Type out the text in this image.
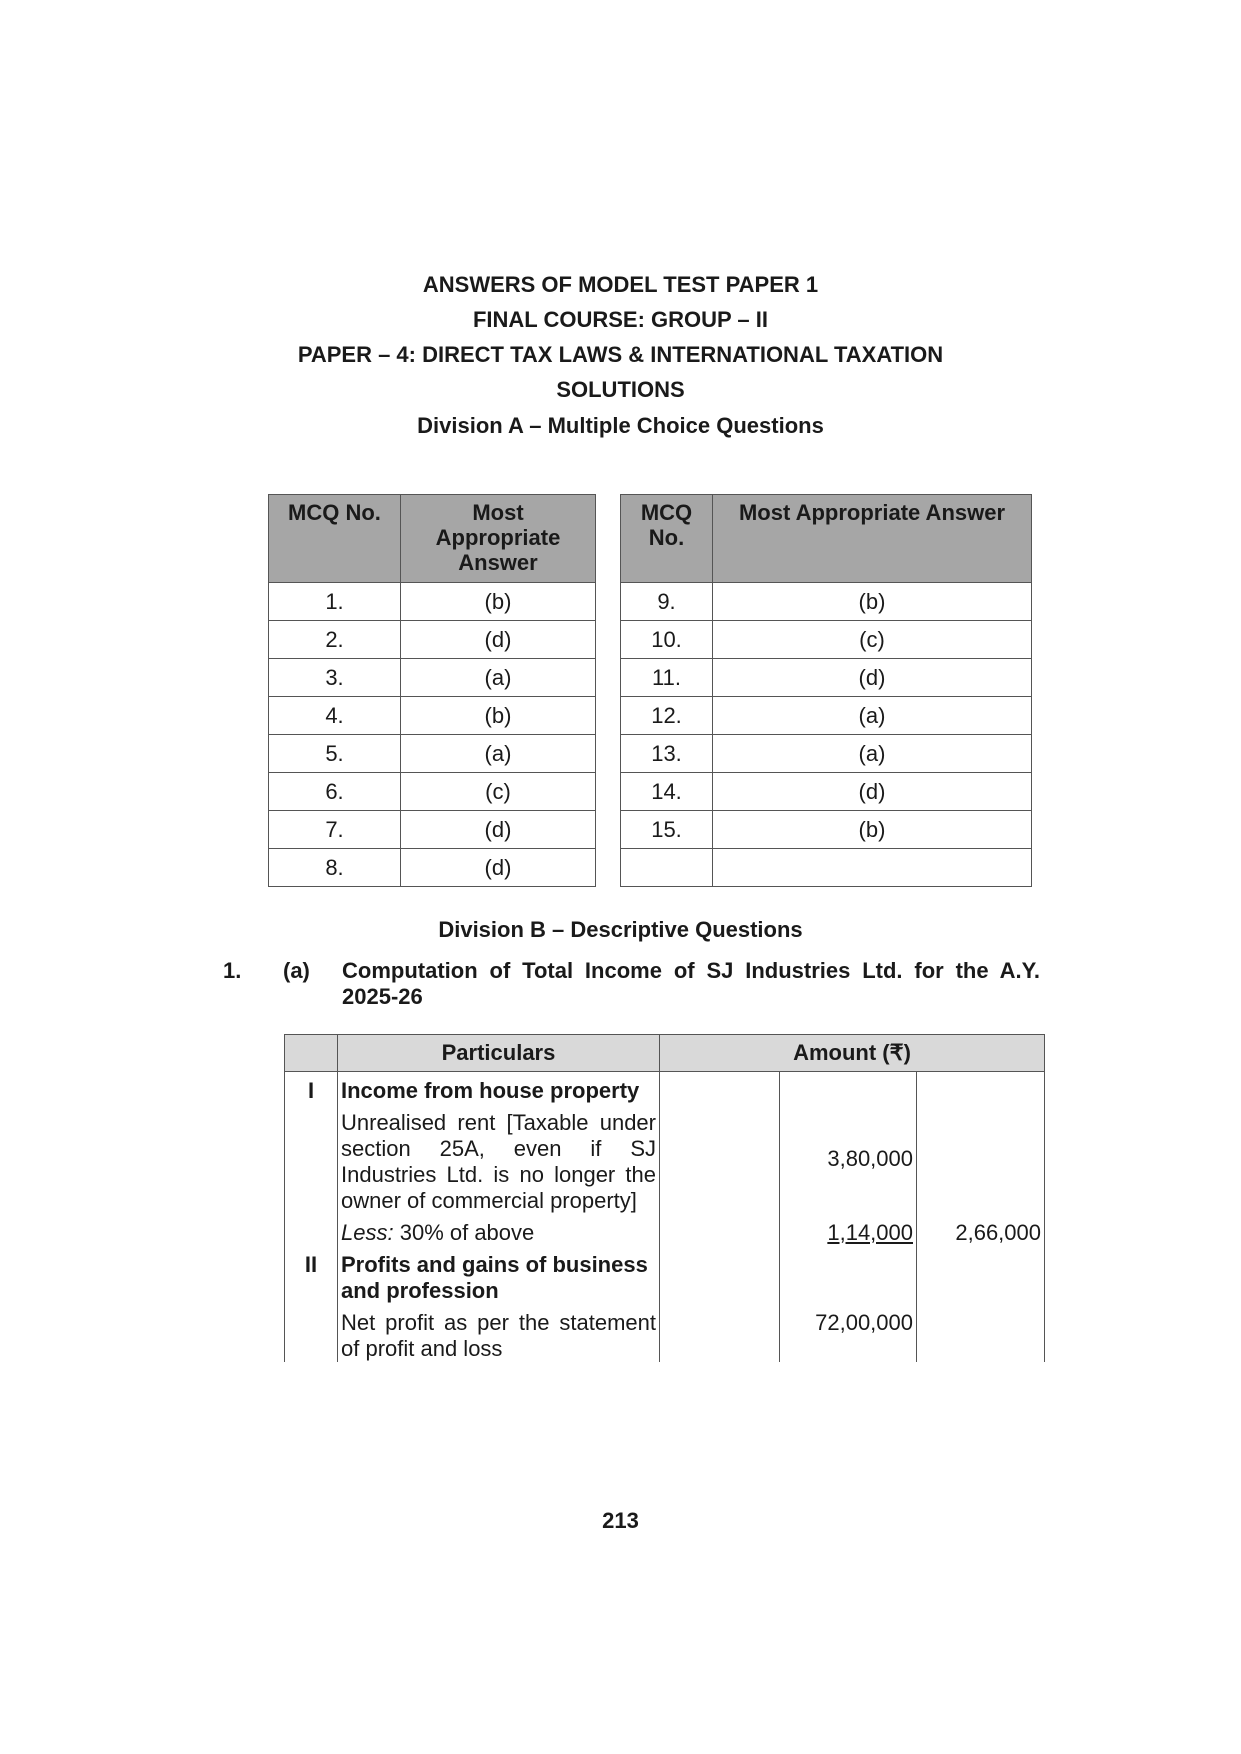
ANSWERS OF MODEL TEST PAPER 1
FINAL COURSE: GROUP – II
PAPER – 4: DIRECT TAX LAWS & INTERNATIONAL TAXATION
SOLUTIONS
Division A – Multiple Choice Questions
MCQ No.	Most Appropriate Answer

1.	(b)
2.	(d)
3.	(a)
4.	(b)
5.	(a)
6.	(c)
7.	(d)
8.	(d)
MCQ No.	Most Appropriate Answer
9.	(b)
10.	(c)
11.	(d)
12.	(a)
13.	(a)
14.	(d)
15.	(b)

Division B – Descriptive Questions
1. (a) Computation of Total Income of SJ Industries Ltd. for the A.Y. 2025-26
	Particulars	Amount (₹)		
I	Income from house property			
	Unrealised rent [Taxable under section 25A, even if SJ Industries Ltd. is no longer the owner of commercial property]		3,80,000	
	Less: 30% of above		1,14,000	2,66,000
II	Profits and gains of business and profession			
	Net profit as per the statement of profit and loss		72,00,000	
213
